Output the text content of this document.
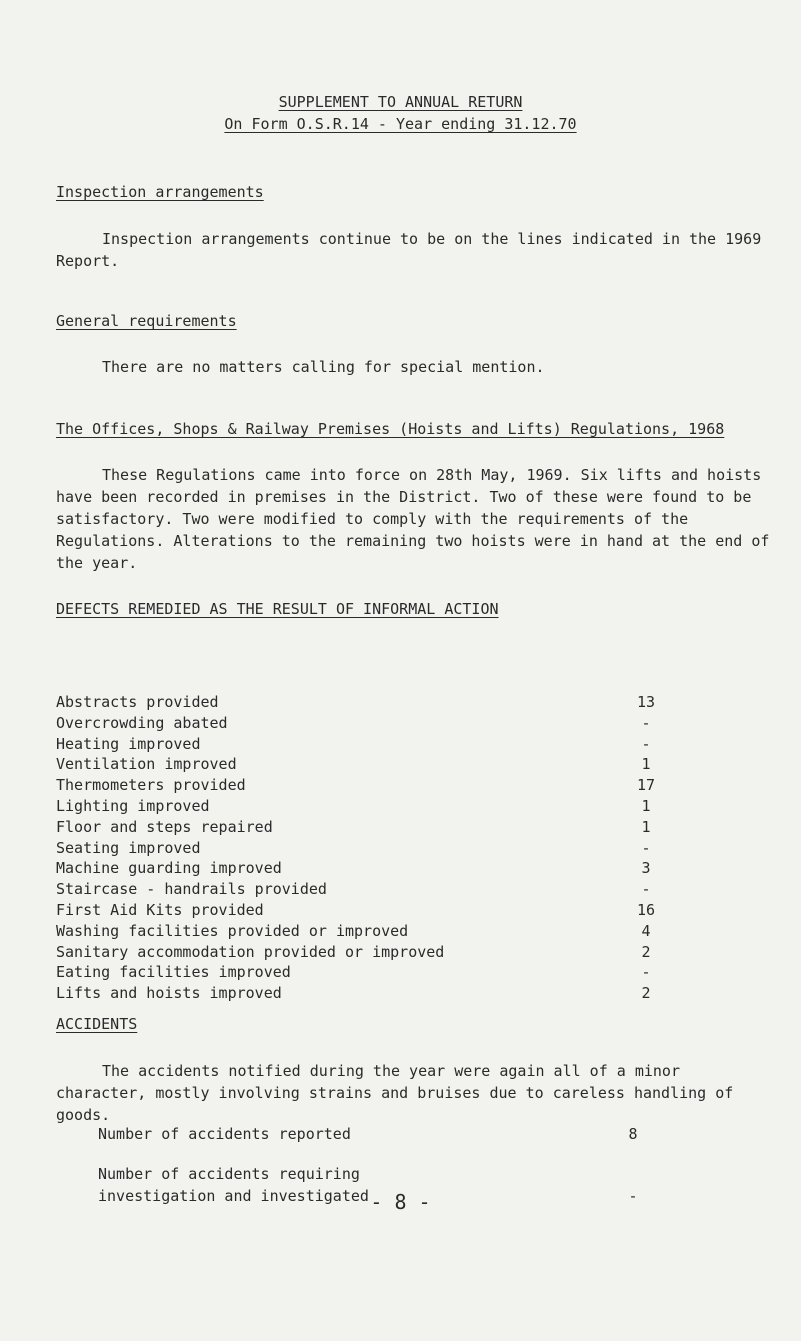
SUPPLEMENT TO ANNUAL RETURN
On Form O.S.R.14 - Year ending 31.12.70
Inspection arrangements
Inspection arrangements continue to be on the lines indicated in the 1969 Report.
General requirements
There are no matters calling for special mention.
The Offices, Shops & Railway Premises (Hoists and Lifts) Regulations, 1968
These Regulations came into force on 28th May, 1969. Six lifts and hoists have been recorded in premises in the District. Two of these were found to be satisfactory. Two were modified to comply with the requirements of the Regulations. Alterations to the remaining two hoists were in hand at the end of the year.
DEFECTS REMEDIED AS THE RESULT OF INFORMAL ACTION
Abstracts provided	13
Overcrowding abated	-
Heating improved	-
Ventilation improved	1
Thermometers provided	17
Lighting improved	1
Floor and steps repaired	1
Seating improved	-
Machine guarding improved	3
Staircase - handrails provided	-
First Aid Kits provided	16
Washing facilities provided or improved	4
Sanitary accommodation provided or improved	2
Eating facilities improved	-
Lifts and hoists improved	2
ACCIDENTS
The accidents notified during the year were again all of a minor character, mostly involving strains and bruises due to careless handling of goods.
Number of accidents reported	8
Number of accidents requiring
investigation and investigated	-
- 8 -
